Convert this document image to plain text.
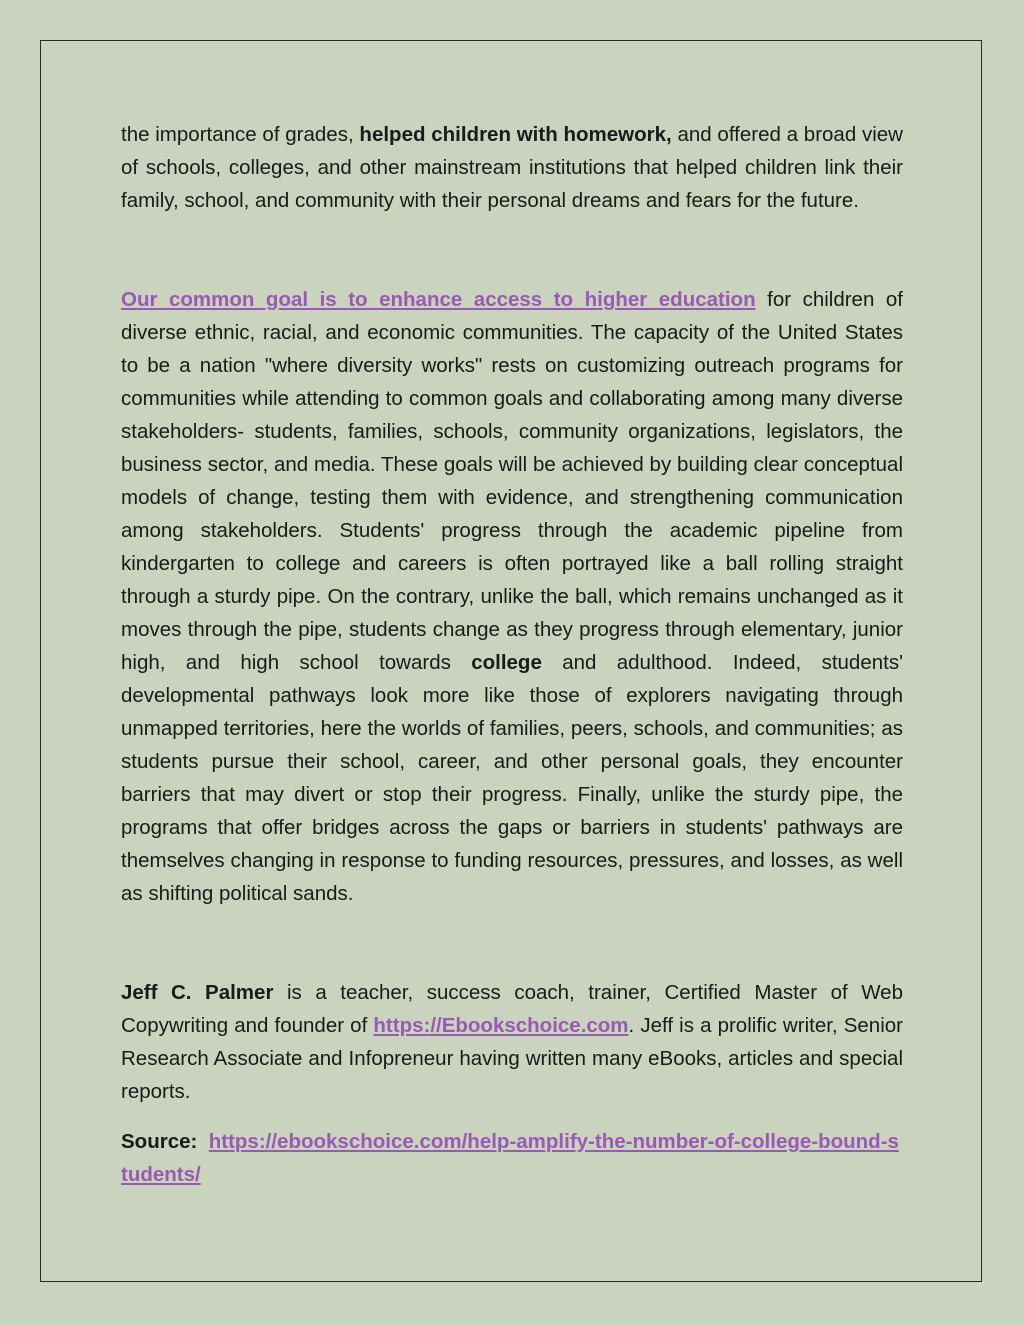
the importance of grades, helped children with homework, and offered a broad view of schools, colleges, and other mainstream institutions that helped children link their family, school, and community with their personal dreams and fears for the future.

Our common goal is to enhance access to higher education for children of diverse ethnic, racial, and economic communities. The capacity of the United States to be a nation "where diversity works" rests on customizing outreach programs for communities while attending to common goals and collaborating among many diverse stakeholders- students, families, schools, community organizations, legislators, the business sector, and media. These goals will be achieved by building clear conceptual models of change, testing them with evidence, and strengthening communication among stakeholders. Students' progress through the academic pipeline from kindergarten to college and careers is often portrayed like a ball rolling straight through a sturdy pipe. On the contrary, unlike the ball, which remains unchanged as it moves through the pipe, students change as they progress through elementary, junior high, and high school towards college and adulthood. Indeed, students' developmental pathways look more like those of explorers navigating through unmapped territories, here the worlds of families, peers, schools, and communities; as students pursue their school, career, and other personal goals, they encounter barriers that may divert or stop their progress. Finally, unlike the sturdy pipe, the programs that offer bridges across the gaps or barriers in students' pathways are themselves changing in response to funding resources, pressures, and losses, as well as shifting political sands.

Jeff C. Palmer is a teacher, success coach, trainer, Certified Master of Web Copywriting and founder of https://Ebookschoice.com. Jeff is a prolific writer, Senior Research Associate and Infopreneur having written many eBooks, articles and special reports.

Source: https://ebookschoice.com/help-amplify-the-number-of-college-bound-students/
